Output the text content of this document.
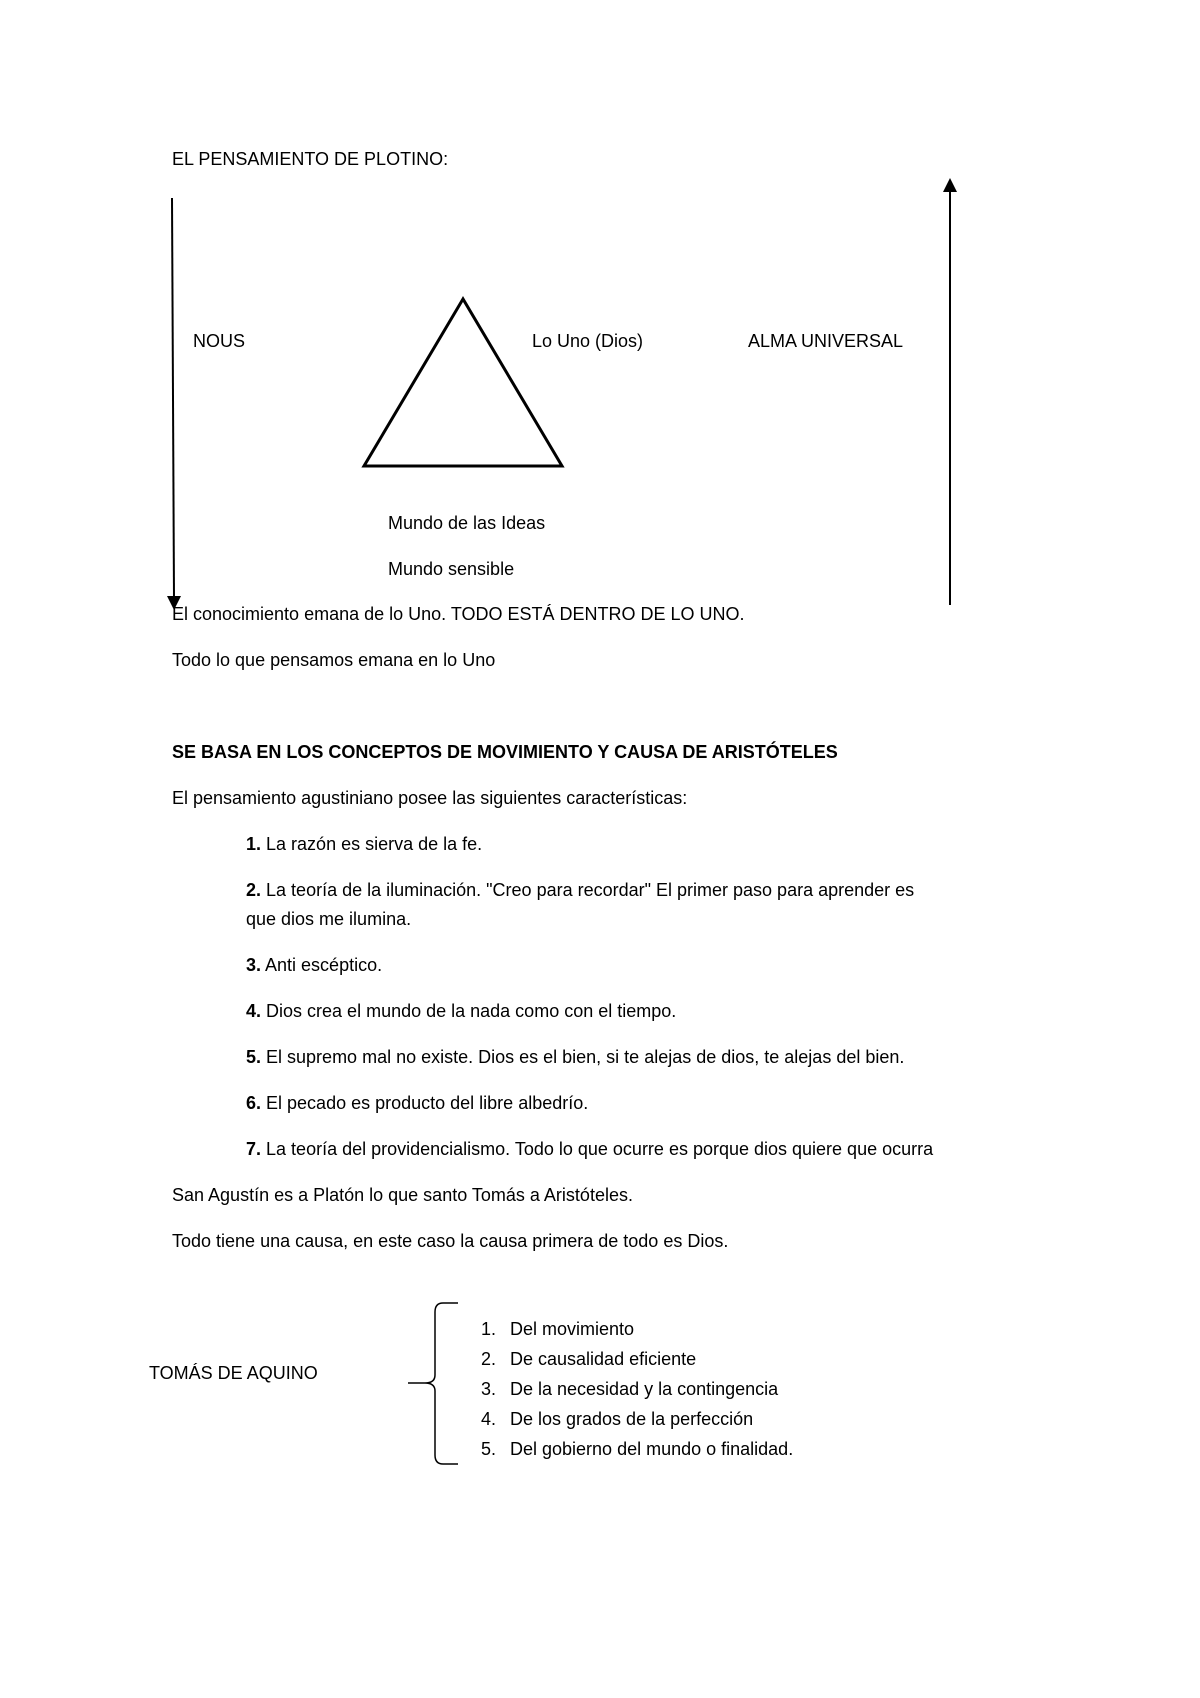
EL PENSAMIENTO DE PLOTINO:
NOUS	Lo Uno (Dios)	ALMA UNIVERSAL
Mundo de las Ideas
Mundo sensible
El conocimiento emana de lo Uno. TODO ESTÁ DENTRO DE LO UNO.
Todo lo que pensamos emana en lo Uno
SE BASA EN LOS CONCEPTOS DE MOVIMIENTO Y CAUSA DE ARISTÓTELES
El pensamiento agustiniano posee las siguientes características:
1. La razón es sierva de la fe.
2. La teoría de la iluminación. "Creo para recordar" El primer paso para aprender es
que dios me ilumina.
3. Anti escéptico.
4. Dios crea el mundo de la nada como con el tiempo.
5. El supremo mal no existe. Dios es el bien, si te alejas de dios, te alejas del bien.
6. El pecado es producto del libre albedrío.
7. La teoría del providencialismo. Todo lo que ocurre es porque dios quiere que ocurra
San Agustín es a Platón lo que santo Tomás a Aristóteles.
Todo tiene una causa, en este caso la causa primera de todo es Dios.
TOMÁS DE AQUINO
1. Del movimiento
2. De causalidad eficiente
3. De la necesidad y la contingencia
4. De los grados de la perfección
5. Del gobierno del mundo o finalidad.
